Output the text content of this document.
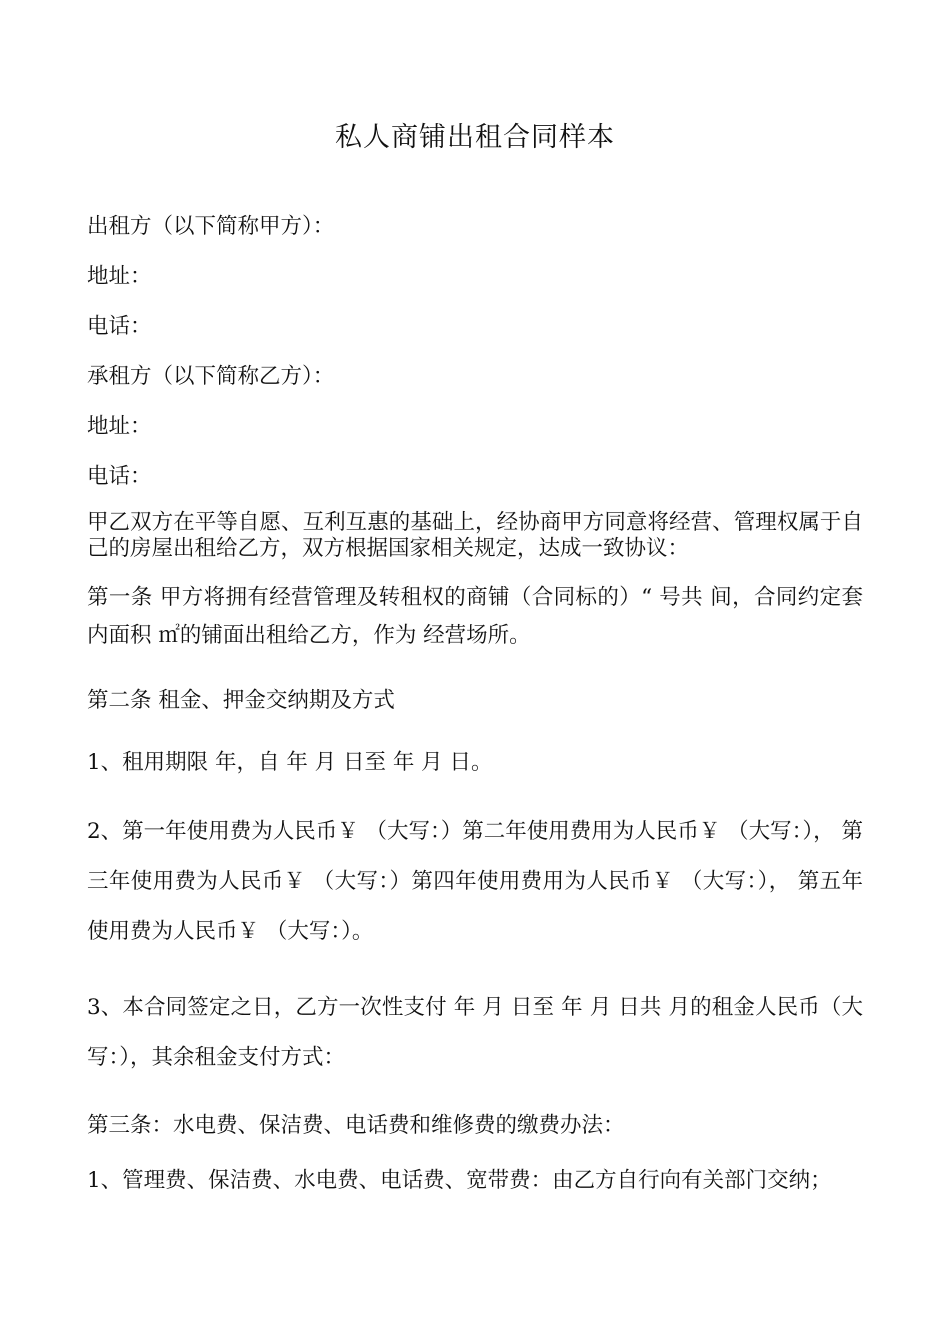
私人商铺出租合同样本
出租方（以下简称甲方）：
地址：
电话：
承租方（以下简称乙方）：
地址：
电话：
甲乙双方在平等自愿、互利互惠的基础上，经协商甲方同意将经营、管理权属于自己的房屋出租给乙方，双方根据国家相关规定，达成一致协议：
第一条 甲方将拥有经营管理及转租权的商铺（合同标的）“ 号共 间，合同约定套内面积 ㎡的铺面出租给乙方，作为 经营场所。
第二条 租金、押金交纳期及方式
1、租用期限 年，自 年 月 日至 年 月 日。
2、第一年使用费为人民币￥ （大写：）第二年使用费用为人民币￥ （大写：）， 第三年使用费为人民币￥ （大写：）第四年使用费用为人民币￥ （大写：）， 第五年使用费为人民币￥ （大写：）。
3、本合同签定之日，乙方一次性支付 年 月 日至 年 月 日共 月的租金人民币（大写：），其余租金支付方式：
第三条：水电费、保洁费、电话费和维修费的缴费办法：
1、管理费、保洁费、水电费、电话费、宽带费：由乙方自行向有关部门交纳；
